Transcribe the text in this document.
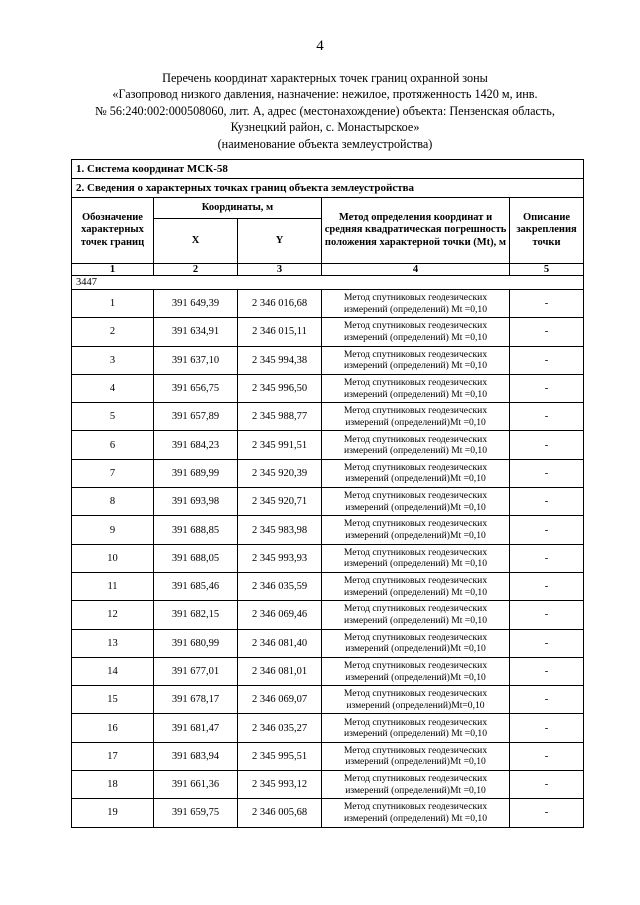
4
Перечень координат характерных точек границ охранной зоны
«Газопровод низкого давления, назначение: нежилое, протяженность 1420 м, инв.
№ 56:240:002:000508060, лит. А, адрес (местонахождение) объекта: Пензенская область,
Кузнецкий район, с. Монастырское»
(наименование объекта землеустройства)
1. Система координат МСК-58				
2. Сведения о характерных точках границ объекта землеустройства				
Обозначение характерных точек границ	Координаты, м		Метод определения координат и средняя квадратическая погрешность положения характерной точки (Mt), м	Описание закрепления точки
	X	Y		
1	2	3	4	5
3447				
1	391 649,39	2 346 016,68	Метод спутниковых геодезических измерений (определений) Mt =0,10	-
2	391 634,91	2 346 015,11	Метод спутниковых геодезических измерений (определений) Mt =0,10	-
3	391 637,10	2 345 994,38	Метод спутниковых геодезических измерений (определений) Mt =0,10	-
4	391 656,75	2 345 996,50	Метод спутниковых геодезических измерений (определений) Mt =0,10	-
5	391 657,89	2 345 988,77	Метод спутниковых геодезических измерений (определений)Mt =0,10	-
6	391 684,23	2 345 991,51	Метод спутниковых геодезических измерений (определений) Mt =0,10	-
7	391 689,99	2 345 920,39	Метод спутниковых геодезических измерений (определений)Mt =0,10	-
8	391 693,98	2 345 920,71	Метод спутниковых геодезических измерений (определений)Mt =0,10	-
9	391 688,85	2 345 983,98	Метод спутниковых геодезических измерений (определений)Mt =0,10	-
10	391 688,05	2 345 993,93	Метод спутниковых геодезических измерений (определений) Mt =0,10	-
11	391 685,46	2 346 035,59	Метод спутниковых геодезических измерений (определений) Mt =0,10	-
12	391 682,15	2 346 069,46	Метод спутниковых геодезических измерений (определений) Mt =0,10	-
13	391 680,99	2 346 081,40	Метод спутниковых геодезических измерений (определений)Mt =0,10	-
14	391 677,01	2 346 081,01	Метод спутниковых геодезических измерений (определений)Mt =0,10	-
15	391 678,17	2 346 069,07	Метод спутниковых геодезических измерений (определений)Mt=0,10	-
16	391 681,47	2 346 035,27	Метод спутниковых геодезических измерений (определений) Mt =0,10	-
17	391 683,94	2 345 995,51	Метод спутниковых геодезических измерений (определений)Mt =0,10	-
18	391 661,36	2 345 993,12	Метод спутниковых геодезических измерений (определений)Mt =0,10	-
19	391 659,75	2 346 005,68	Метод спутниковых геодезических измерений (определений) Mt =0,10	-
